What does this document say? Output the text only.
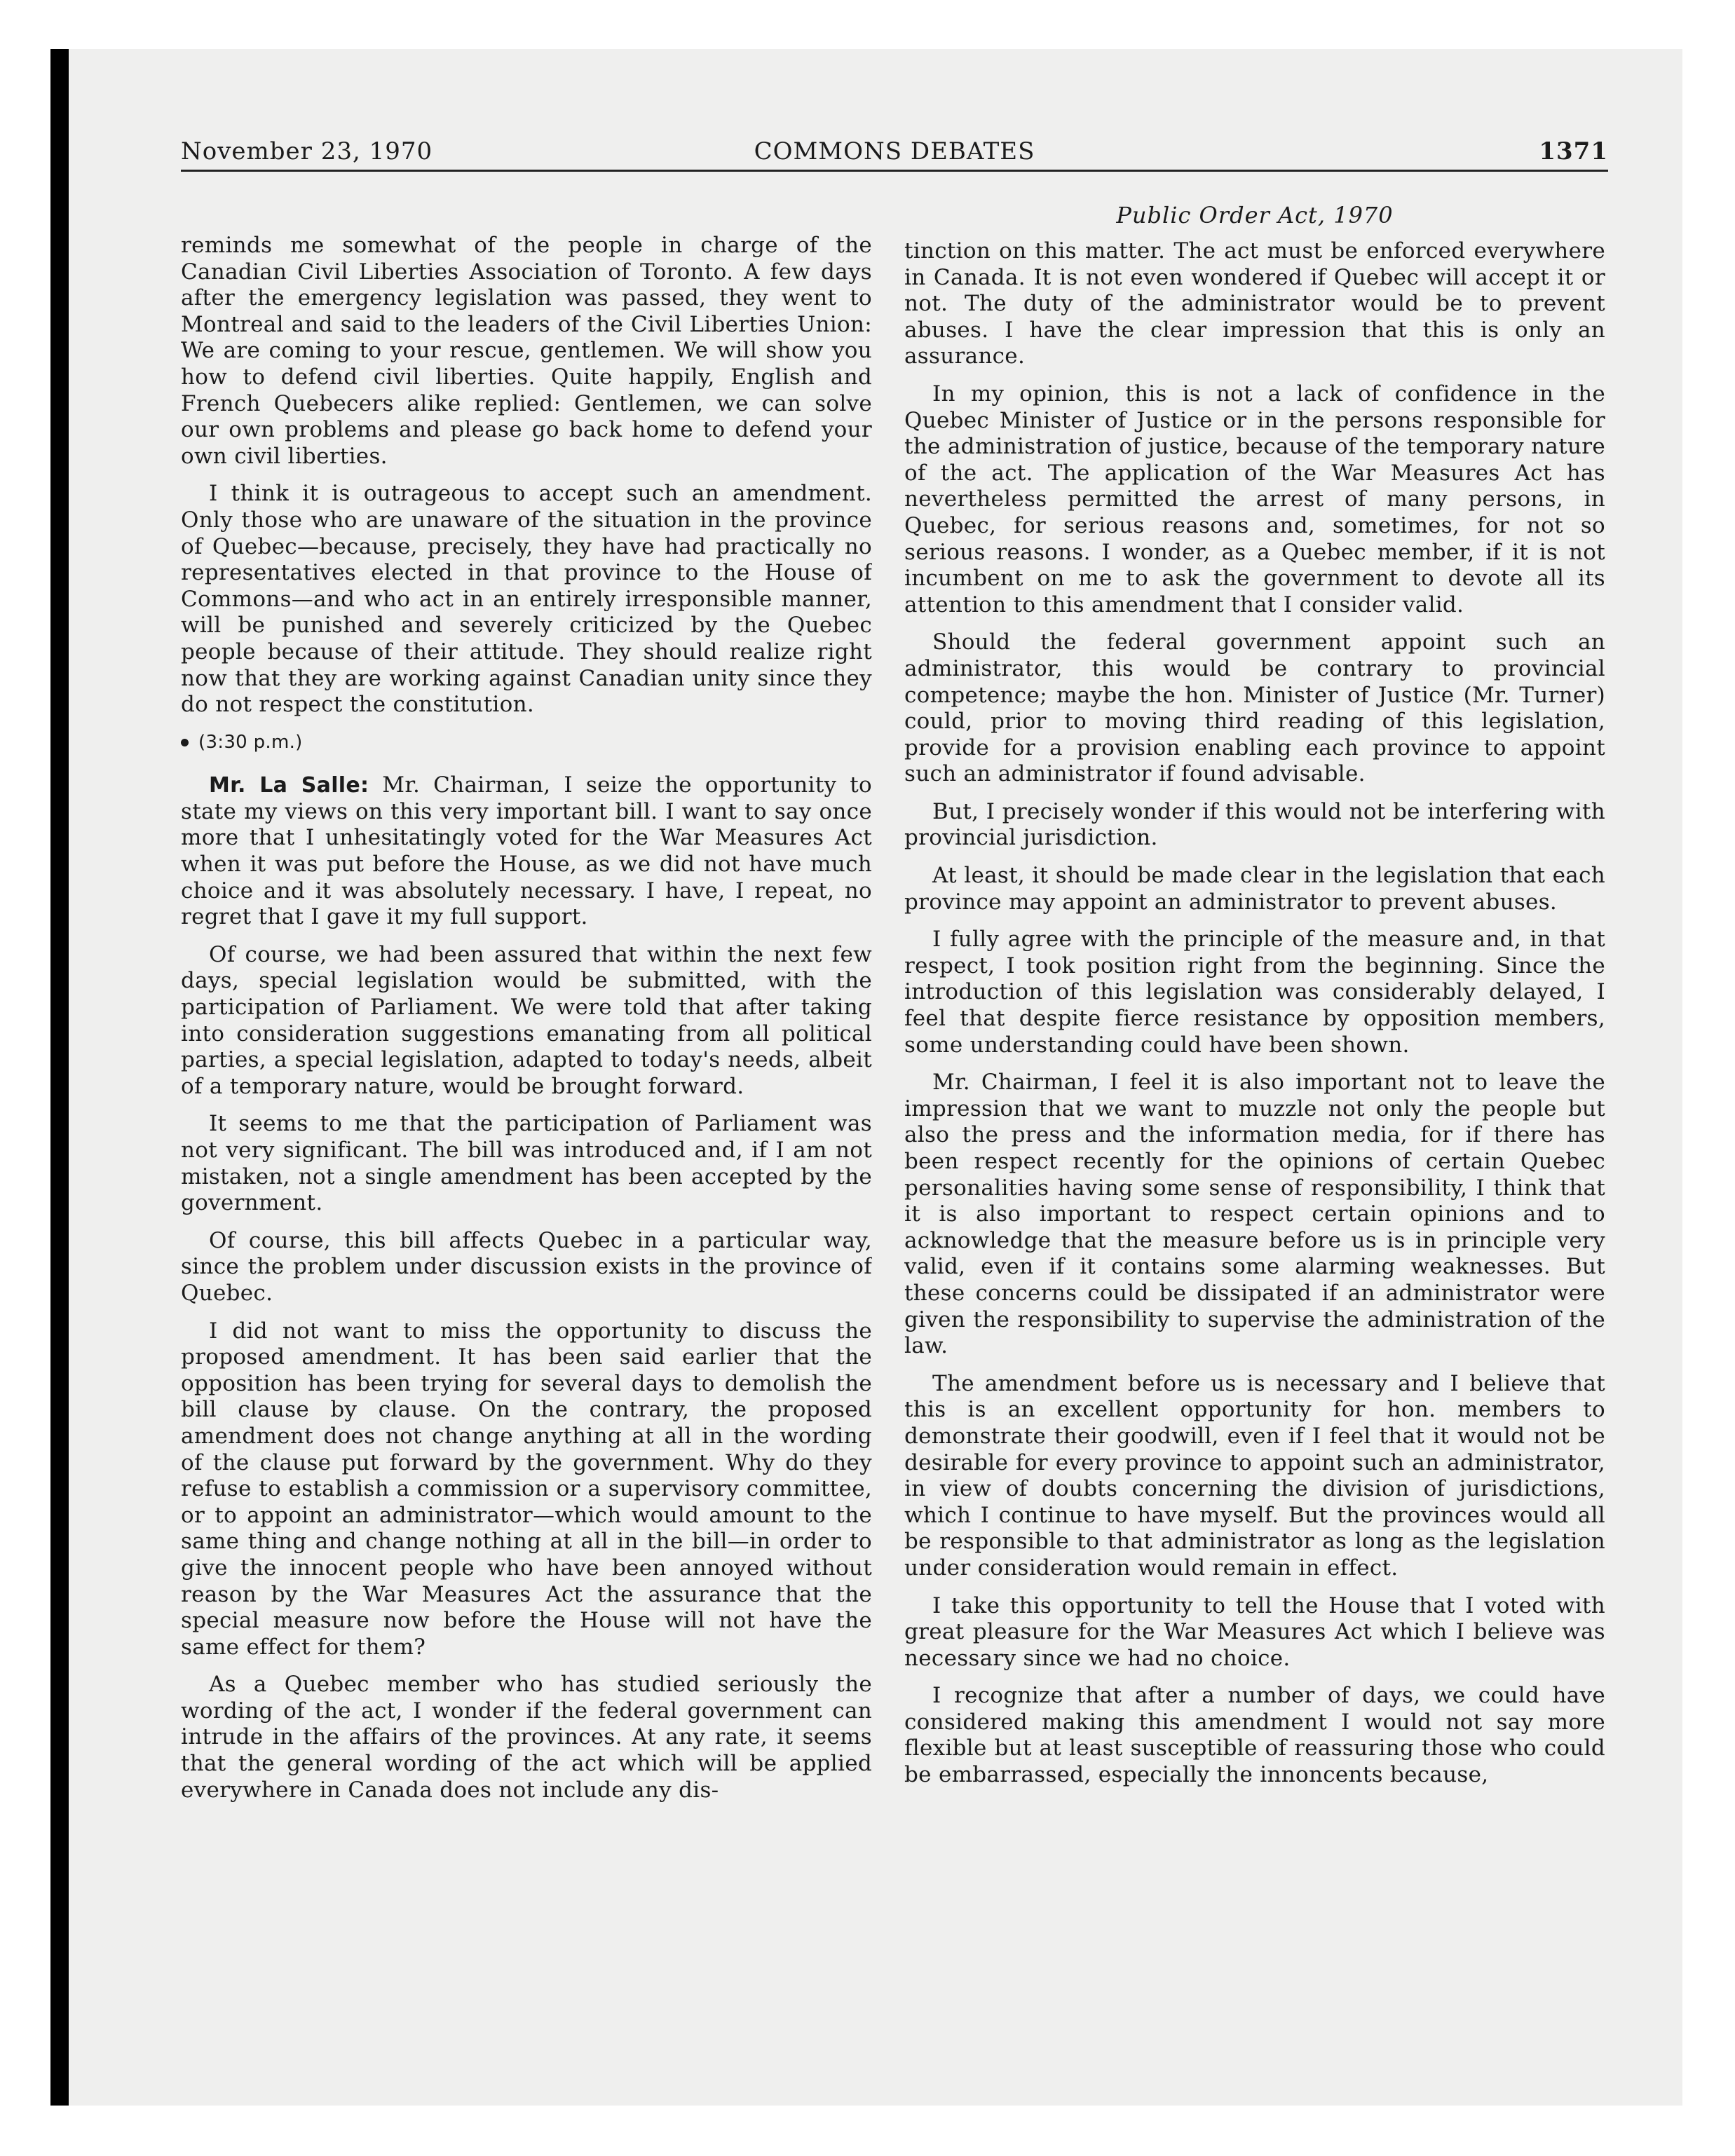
COMMONS DEBATES
November 23, 1970	1371
Public Order Act, 1970

reminds me somewhat of the people in charge of the Canadian Civil Liberties Association of Toronto. A few days after the emergency legislation was passed, they went to Montreal and said to the leaders of the Civil Liberties Union: We are coming to your rescue, gentlemen. We will show you how to defend civil liberties. Quite happily, English and French Quebecers alike replied: Gentlemen, we can solve our own problems and please go back home to defend your own civil liberties.

I think it is outrageous to accept such an amendment. Only those who are unaware of the situation in the province of Quebec—because, precisely, they have had practically no representatives elected in that province to the House of Commons—and who act in an entirely irresponsible manner, will be punished and severely criticized by the Quebec people because of their attitude. They should realize right now that they are working against Canadian unity since they do not respect the constitution.

(3:30 p.m.)

Mr. La Salle: Mr. Chairman, I seize the opportunity to state my views on this very important bill. I want to say once more that I unhesitatingly voted for the War Measures Act when it was put before the House, as we did not have much choice and it was absolutely necessary. I have, I repeat, no regret that I gave it my full support.

Of course, we had been assured that within the next few days, special legislation would be submitted, with the participation of Parliament. We were told that after taking into consideration suggestions emanating from all political parties, a special legislation, adapted to today's needs, albeit of a temporary nature, would be brought forward.

It seems to me that the participation of Parliament was not very significant. The bill was introduced and, if I am not mistaken, not a single amendment has been accepted by the government.

Of course, this bill affects Quebec in a particular way, since the problem under discussion exists in the province of Quebec.

I did not want to miss the opportunity to discuss the proposed amendment. It has been said earlier that the opposition has been trying for several days to demolish the bill clause by clause. On the contrary, the proposed amendment does not change anything at all in the wording of the clause put forward by the government. Why do they refuse to establish a commission or a supervisory committee, or to appoint an administrator—which would amount to the same thing and change nothing at all in the bill—in order to give the innocent people who have been annoyed without reason by the War Measures Act the assurance that the special measure now before the House will not have the same effect for them?

As a Quebec member who has studied seriously the wording of the act, I wonder if the federal government can intrude in the affairs of the provinces. At any rate, it seems that the general wording of the act which will be applied everywhere in Canada does not include any dis-

tinction on this matter. The act must be enforced everywhere in Canada. It is not even wondered if Quebec will accept it or not. The duty of the administrator would be to prevent abuses. I have the clear impression that this is only an assurance.

In my opinion, this is not a lack of confidence in the Quebec Minister of Justice or in the persons responsible for the administration of justice, because of the temporary nature of the act. The application of the War Measures Act has nevertheless permitted the arrest of many persons, in Quebec, for serious reasons and, sometimes, for not so serious reasons. I wonder, as a Quebec member, if it is not incumbent on me to ask the government to devote all its attention to this amendment that I consider valid.

Should the federal government appoint such an administrator, this would be contrary to provincial competence; maybe the hon. Minister of Justice (Mr. Turner) could, prior to moving third reading of this legislation, provide for a provision enabling each province to appoint such an administrator if found advisable.

But, I precisely wonder if this would not be interfering with provincial jurisdiction.

At least, it should be made clear in the legislation that each province may appoint an administrator to prevent abuses.

I fully agree with the principle of the measure and, in that respect, I took position right from the beginning. Since the introduction of this legislation was considerably delayed, I feel that despite fierce resistance by opposition members, some understanding could have been shown.

Mr. Chairman, I feel it is also important not to leave the impression that we want to muzzle not only the people but also the press and the information media, for if there has been respect recently for the opinions of certain Quebec personalities having some sense of responsibility, I think that it is also important to respect certain opinions and to acknowledge that the measure before us is in principle very valid, even if it contains some alarming weaknesses. But these concerns could be dissipated if an administrator were given the responsibility to supervise the administration of the law.

The amendment before us is necessary and I believe that this is an excellent opportunity for hon. members to demonstrate their goodwill, even if I feel that it would not be desirable for every province to appoint such an administrator, in view of doubts concerning the division of jurisdictions, which I continue to have myself. But the provinces would all be responsible to that administrator as long as the legislation under consideration would remain in effect.

I take this opportunity to tell the House that I voted with great pleasure for the War Measures Act which I believe was necessary since we had no choice.

I recognize that after a number of days, we could have considered making this amendment I would not say more flexible but at least susceptible of reassuring those who could be embarrassed, especially the innoncents because,
